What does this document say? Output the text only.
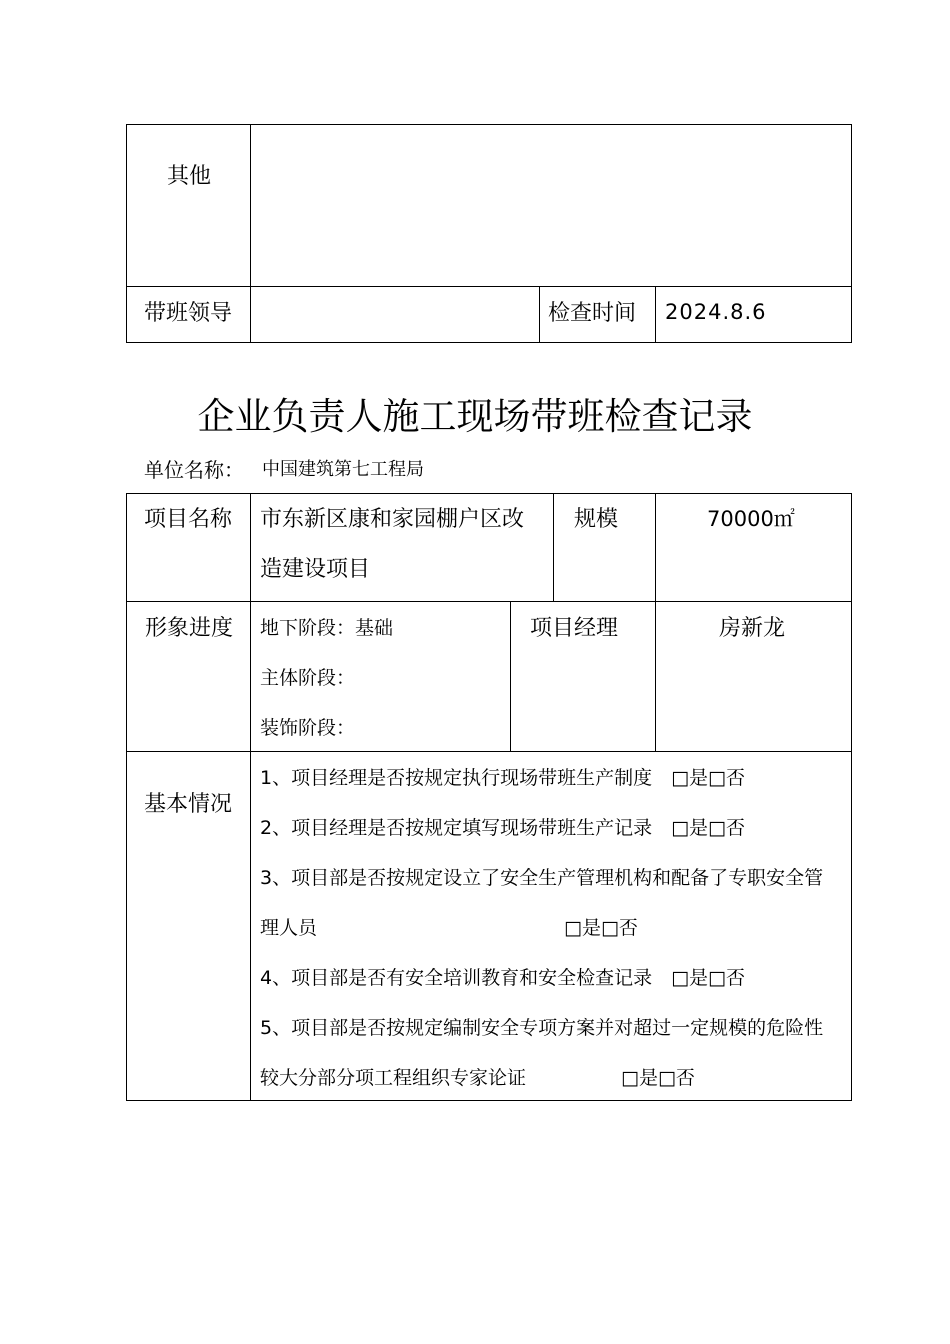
其他
带班领导	检查时间 2024.8.6
企业负责人施工现场带班检查记录
单位名称： 中国建筑第七工程局
项目名称 市东新区康和家园棚户区改
造建设项目
规模	70000㎡
形象进度 地下阶段：基础
主体阶段：
装饰阶段：
项目经理	房新龙
基本情况
1、项目经理是否按规定执行现场带班生产制度　□是□否
2、项目经理是否按规定填写现场带班生产记录　□是□否
3、项目部是否按规定设立了安全生产管理机构和配备了专职安全管
理人员　　　　　　　　　　　　　□是□否
4、项目部是否有安全培训教育和安全检查记录　□是□否
5、项目部是否按规定编制安全专项方案并对超过一定规模的危险性
较大分部分项工程组织专家论证　　　　　□是□否
